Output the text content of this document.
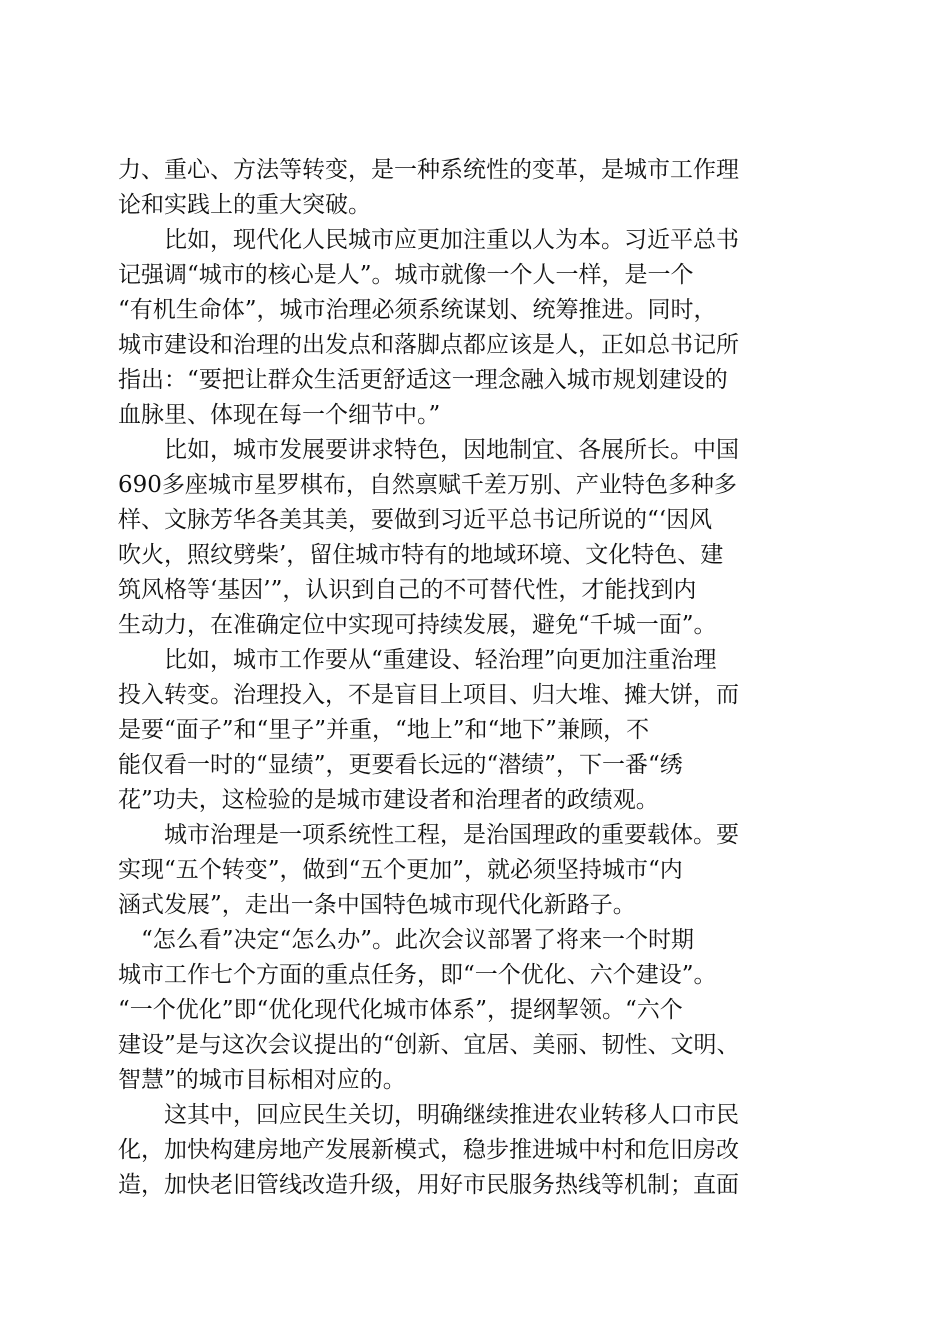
力、重心、方法等转变，是一种系统性的变革，是城市工作理
论和实践上的重大突破。

　　比如，现代化人民城市应更加注重以人为本。习近平总书
记强调“城市的核心是人”。城市就像一个人一样，是一个
“有机生命体”，城市治理必须系统谋划、统筹推进。同时，
城市建设和治理的出发点和落脚点都应该是人，正如总书记所
指出：“要把让群众生活更舒适这一理念融入城市规划建设的
血脉里、体现在每一个细节中。”

　　比如，城市发展要讲求特色，因地制宜、各展所长。中国
690多座城市星罗棋布，自然禀赋千差万别、产业特色多种多
样、文脉芳华各美其美，要做到习近平总书记所说的“‘因风
吹火，照纹劈柴’，留住城市特有的地域环境、文化特色、建
筑风格等‘基因’”，认识到自己的不可替代性，才能找到内
生动力，在准确定位中实现可持续发展，避免“千城一面”。

　　比如，城市工作要从“重建设、轻治理”向更加注重治理
投入转变。治理投入，不是盲目上项目、归大堆、摊大饼，而
是要“面子”和“里子”并重，“地上”和“地下”兼顾，不
能仅看一时的“显绩”，更要看长远的“潜绩”，下一番“绣
花”功夫，这检验的是城市建设者和治理者的政绩观。

　　城市治理是一项系统性工程，是治国理政的重要载体。要
实现“五个转变”，做到“五个更加”，就必须坚持城市“内
涵式发展”，走出一条中国特色城市现代化新路子。

　“怎么看”决定“怎么办”。此次会议部署了将来一个时期
城市工作七个方面的重点任务，即“一个优化、六个建设”。
“一个优化”即“优化现代化城市体系”，提纲挈领。“六个
建设”是与这次会议提出的“创新、宜居、美丽、韧性、文明、
智慧”的城市目标相对应的。

　　这其中，回应民生关切，明确继续推进农业转移人口市民
化，加快构建房地产发展新模式，稳步推进城中村和危旧房改
造，加快老旧管线改造升级，用好市民服务热线等机制；直面
